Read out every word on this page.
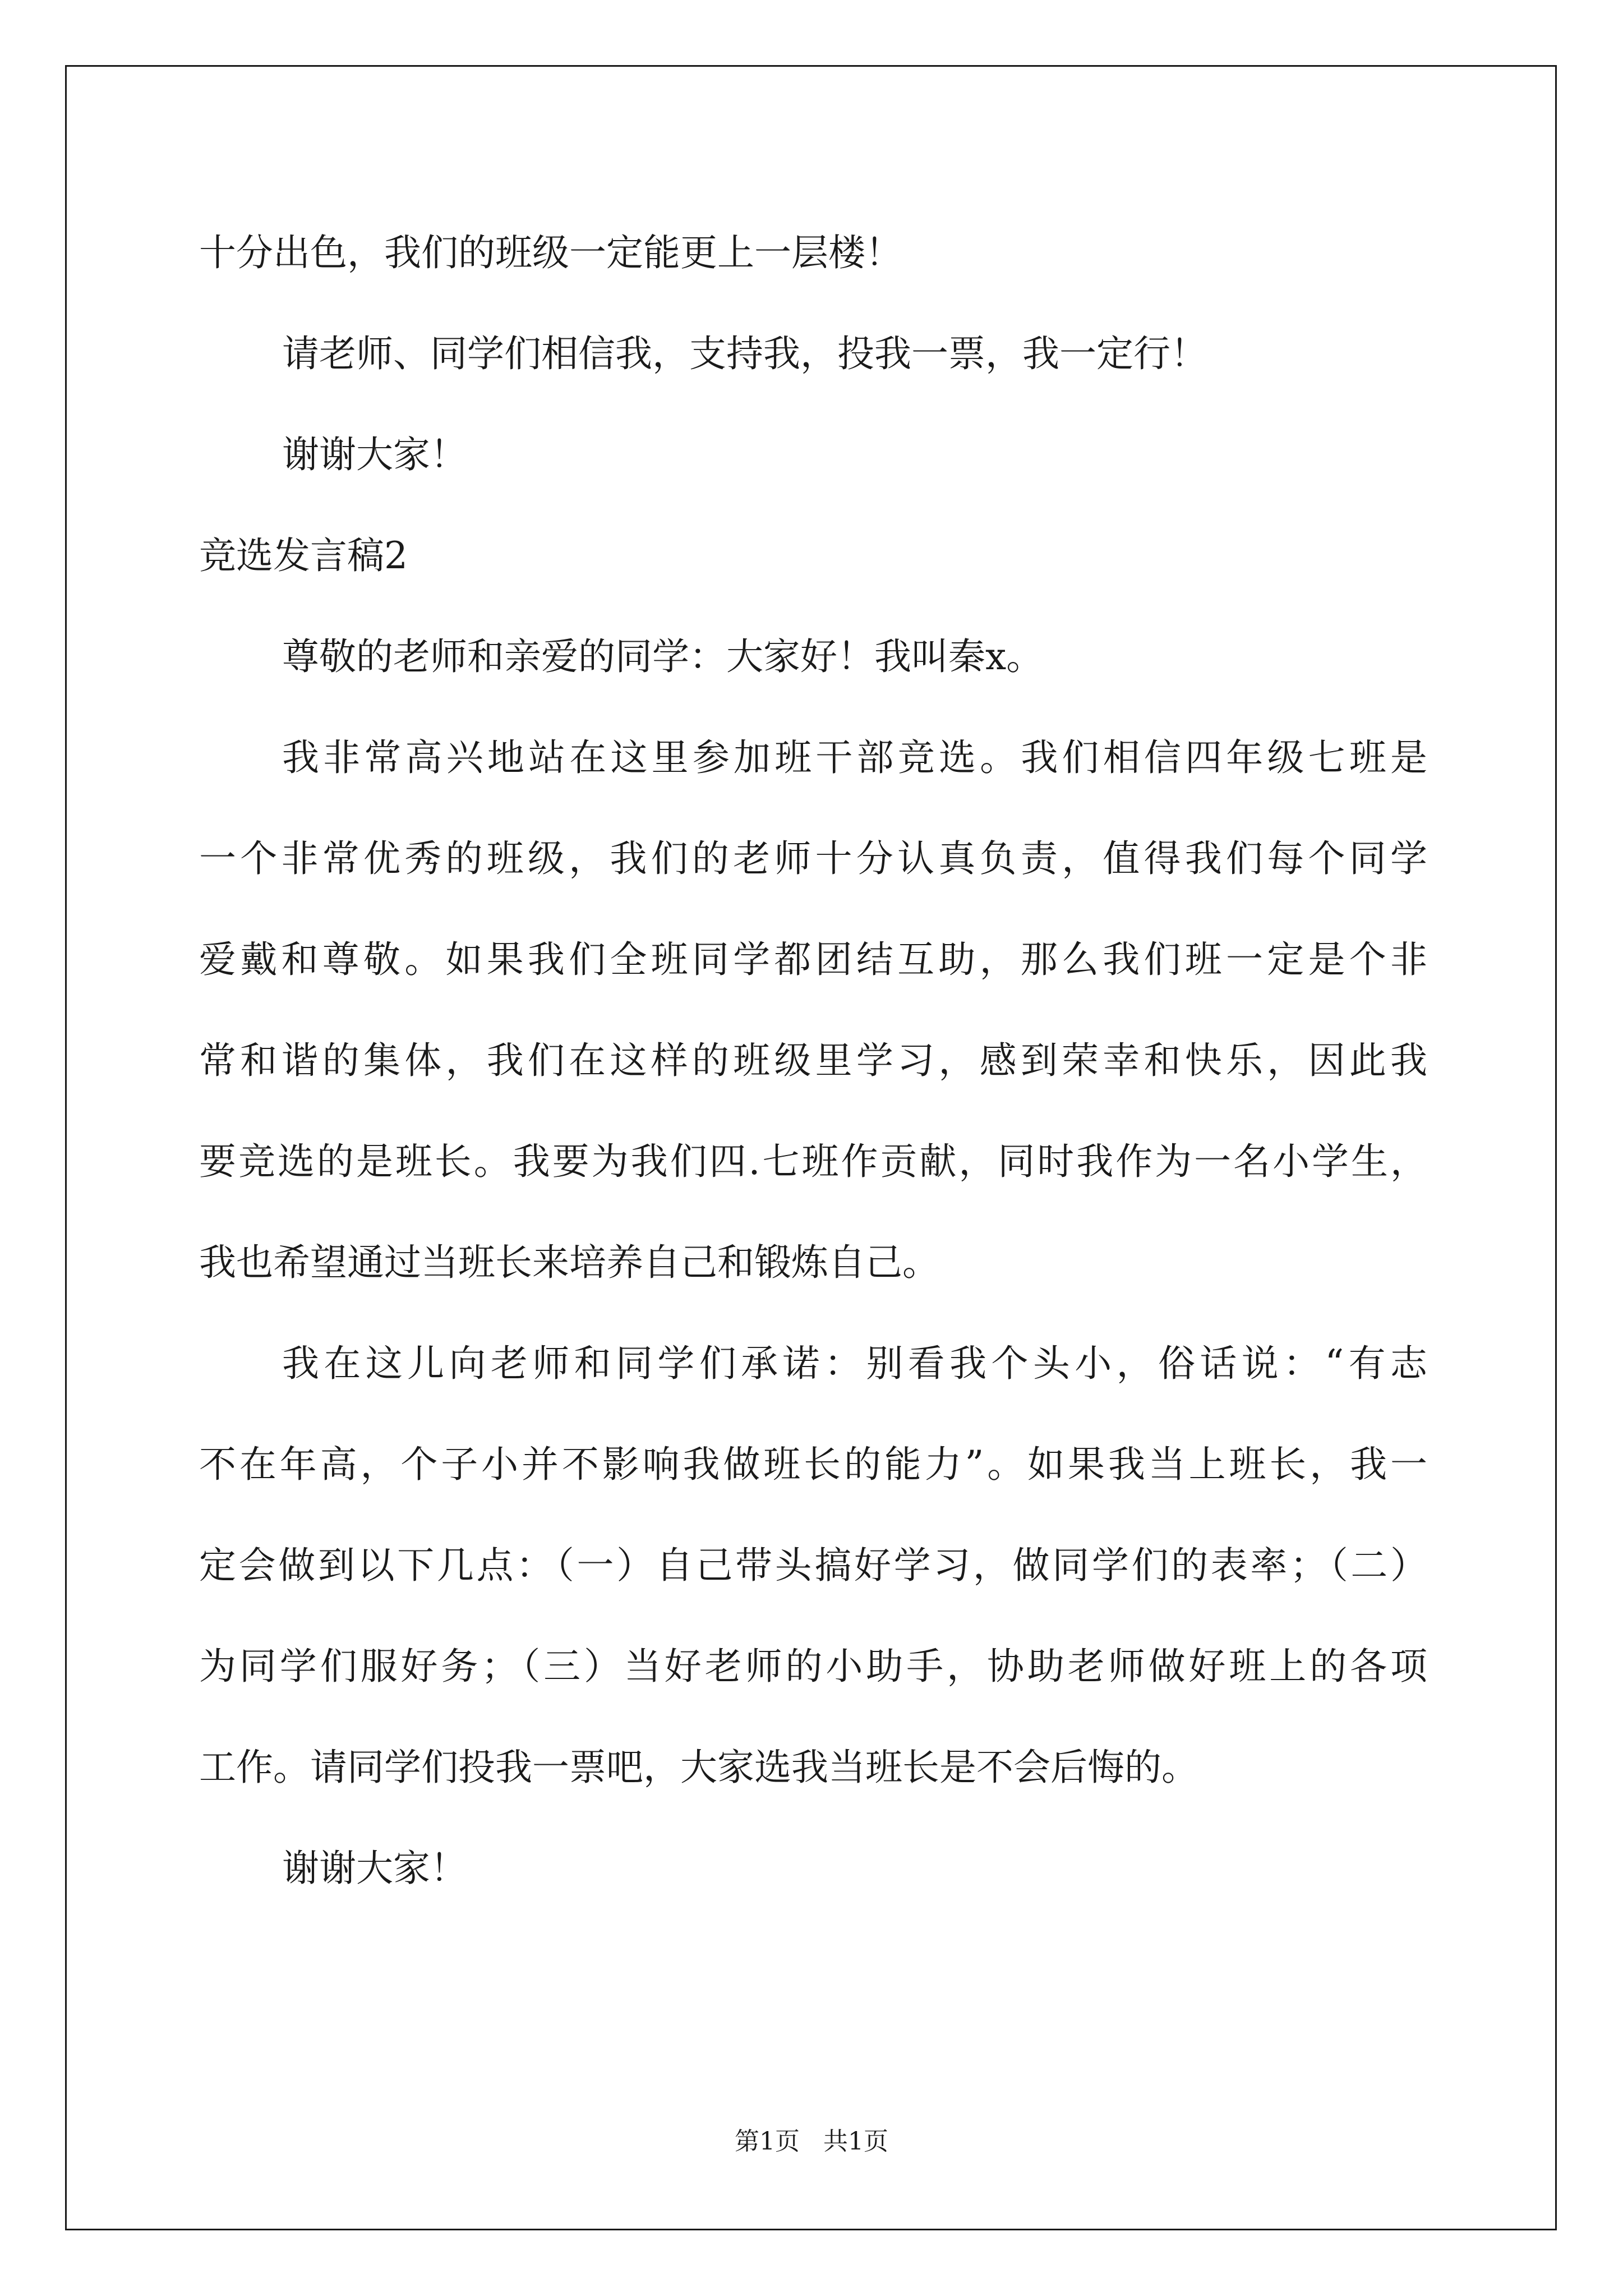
十分出色，我们的班级一定能更上一层楼！
请老师、同学们相信我，支持我，投我一票，我一定行！
谢谢大家！
竞选发言稿2
尊敬的老师和亲爱的同学：大家好！我叫秦x。
我非常高兴地站在这里参加班干部竞选。我们相信四年级七班是
一个非常优秀的班级，我们的老师十分认真负责，值得我们每个同学
爱戴和尊敬。如果我们全班同学都团结互助，那么我们班一定是个非
常和谐的集体，我们在这样的班级里学习，感到荣幸和快乐，因此我
要竞选的是班长。我要为我们四.七班作贡献，同时我作为一名小学生，
我也希望通过当班长来培养自己和锻炼自己。
我在这儿向老师和同学们承诺：别看我个头小，俗话说：“有志
不在年高，个子小并不影响我做班长的能力”。如果我当上班长，我一
定会做到以下几点：（一）自己带头搞好学习，做同学们的表率；（二）
为同学们服好务；（三）当好老师的小助手，协助老师做好班上的各项
工作。请同学们投我一票吧，大家选我当班长是不会后悔的。
谢谢大家！
第1页   共1页
